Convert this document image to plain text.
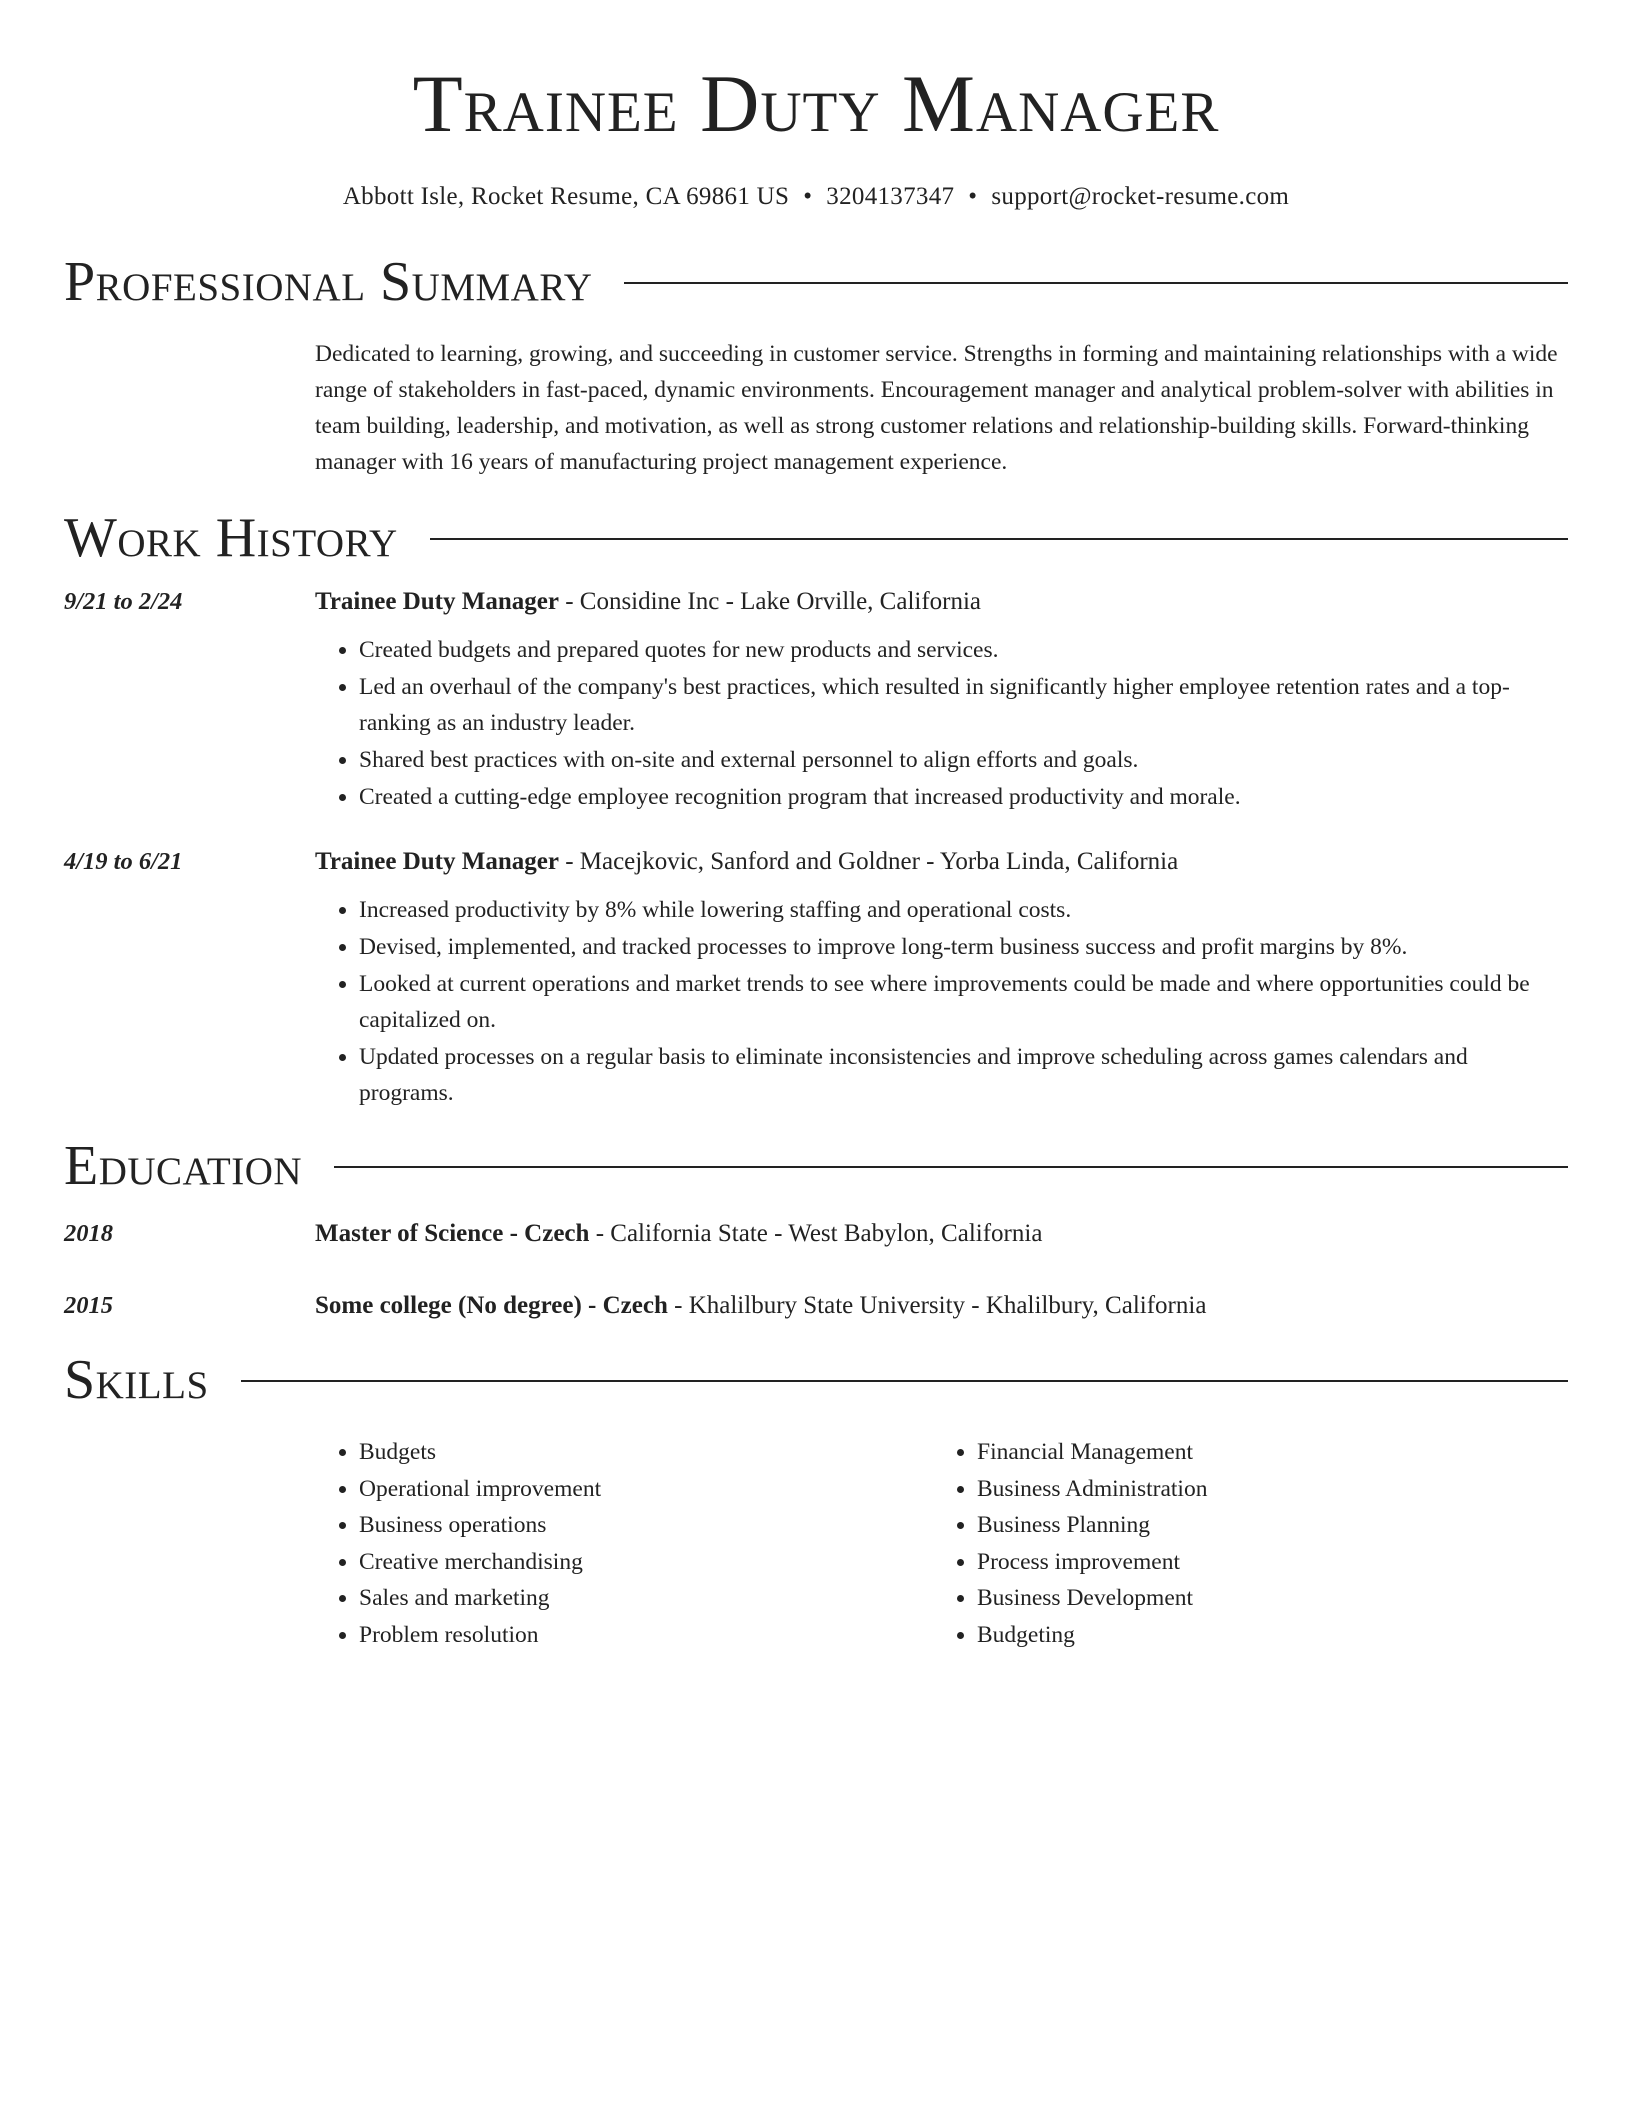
Trainee Duty Manager
Abbott Isle, Rocket Resume, CA 69861 US • 3204137347 • support@rocket-resume.com
Professional Summary
Dedicated to learning, growing, and succeeding in customer service. Strengths in forming and maintaining relationships with a wide range of stakeholders in fast-paced, dynamic environments. Encouragement manager and analytical problem-solver with abilities in team building, leadership, and motivation, as well as strong customer relations and relationship-building skills. Forward-thinking manager with 16 years of manufacturing project management experience.
Work History
9/21 to 2/24	Trainee Duty Manager - Considine Inc - Lake Orville, California
• Created budgets and prepared quotes for new products and services.
• Led an overhaul of the company's best practices, which resulted in significantly higher employee retention rates and a top-ranking as an industry leader.
• Shared best practices with on-site and external personnel to align efforts and goals.
• Created a cutting-edge employee recognition program that increased productivity and morale.
4/19 to 6/21	Trainee Duty Manager - Macejkovic, Sanford and Goldner - Yorba Linda, California
• Increased productivity by 8% while lowering staffing and operational costs.
• Devised, implemented, and tracked processes to improve long-term business success and profit margins by 8%.
• Looked at current operations and market trends to see where improvements could be made and where opportunities could be capitalized on.
• Updated processes on a regular basis to eliminate inconsistencies and improve scheduling across games calendars and programs.
Education
2018	Master of Science - Czech - California State - West Babylon, California
2015	Some college (No degree) - Czech - Khalilbury State University - Khalilbury, California
Skills
• Budgets
• Operational improvement
• Business operations
• Creative merchandising
• Sales and marketing
• Problem resolution
• Financial Management
• Business Administration
• Business Planning
• Process improvement
• Business Development
• Budgeting
